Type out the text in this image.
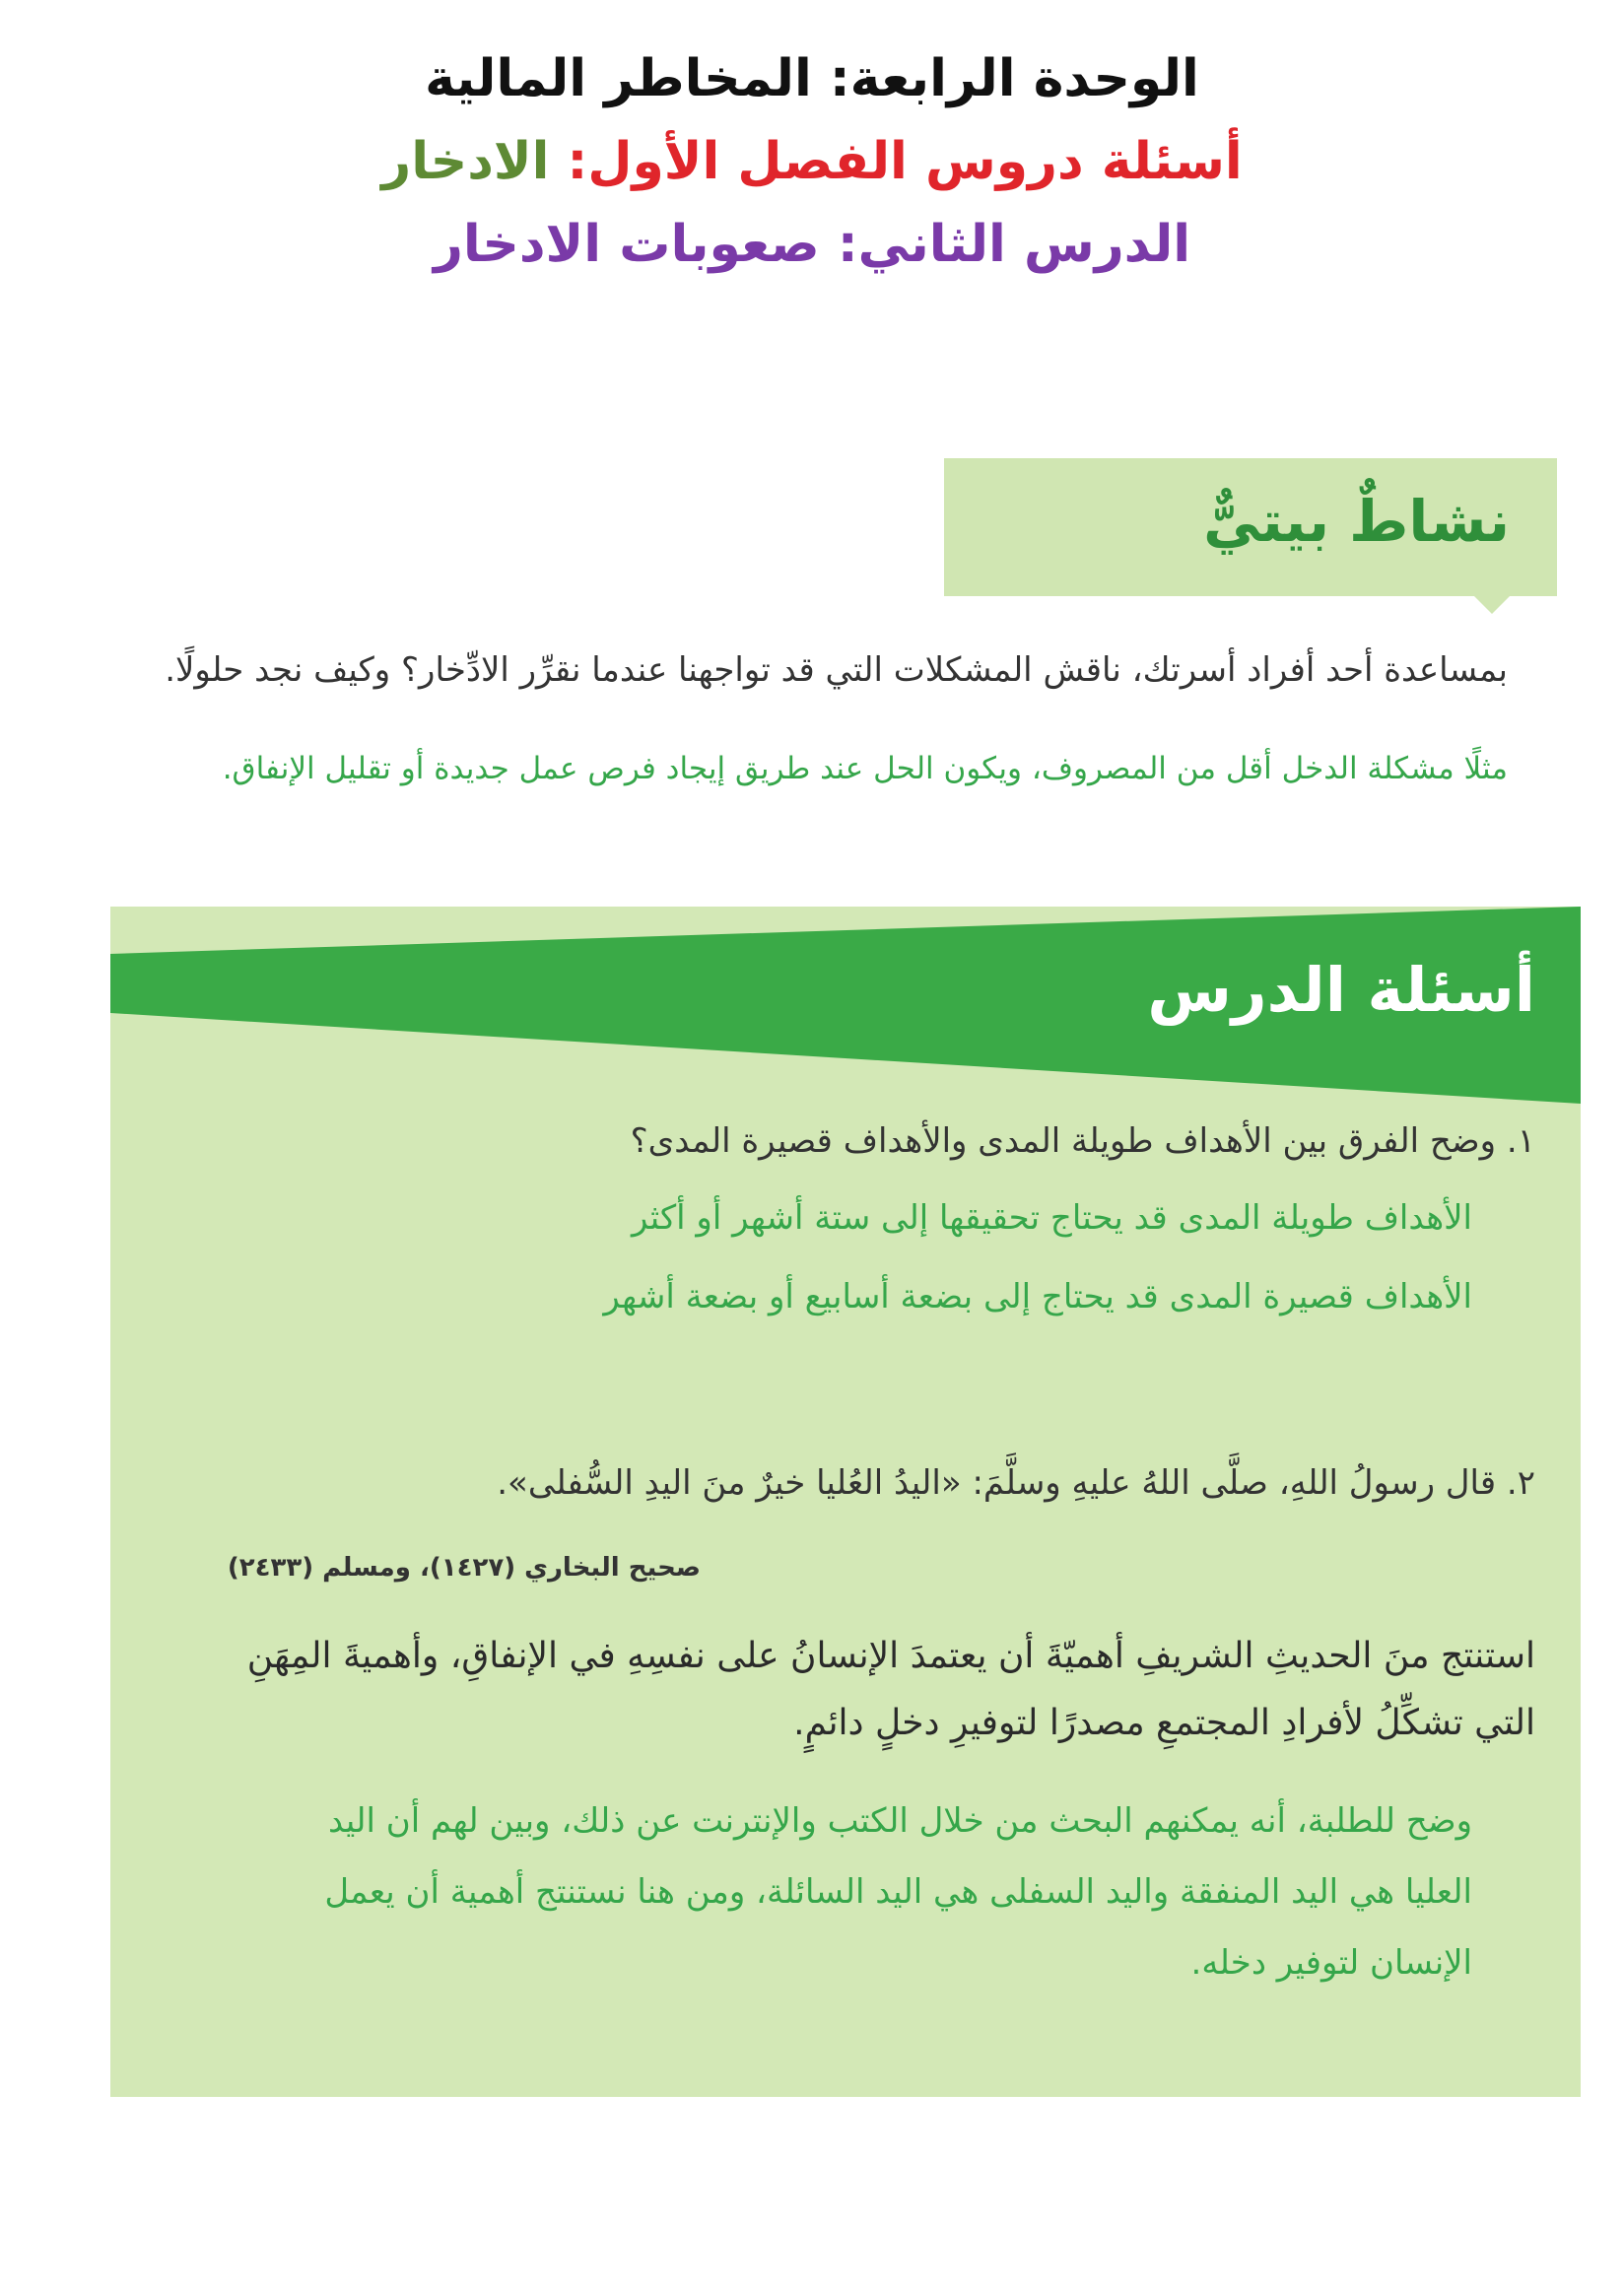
الوحدة الرابعة: المخاطر المالية
أسئلة دروس الفصل الأول: الادخار
الدرس الثاني: صعوبات الادخار
نشاطٌ بيتيٌّ

بمساعدة أحد أفراد أسرتك، ناقش المشكلات التي قد تواجهنا عندما نقرِّر الادِّخار؟ وكيف نجد حلولًا.

مثلًا مشكلة الدخل أقل من المصروف، ويكون الحل عند طريق إيجاد فرص عمل جديدة أو تقليل الإنفاق.

أسئلة الدرس

١. وضح الفرق بين الأهداف طويلة المدى والأهداف قصيرة المدى؟

الأهداف طويلة المدى قد يحتاج تحقيقها إلى ستة أشهر أو أكثر

الأهداف قصيرة المدى قد يحتاج إلى بضعة أسابيع أو بضعة أشهر

٢. قال رسولُ اللهِ، صلَّى اللهُ عليهِ وسلَّمَ: «اليدُ العُليا خيرٌ منَ اليدِ السُّفلى».

صحيح البخاري (١٤٢٧)، ومسلم (٢٤٣٣)

استنتج منَ الحديثِ الشريفِ أهميّةَ أن يعتمدَ الإنسانُ على نفسِهِ في الإنفاقِ، وأهميةَ المِهَنِ

التي تشكِّلُ لأفرادِ المجتمعِ مصدرًا لتوفيرِ دخلٍ دائمٍ.

وضح للطلبة، أنه يمكنهم البحث من خلال الكتب والإنترنت عن ذلك، وبين لهم أن اليد

العليا هي اليد المنفقة واليد السفلى هي اليد السائلة، ومن هنا نستنتج أهمية أن يعمل

الإنسان لتوفير دخله.
